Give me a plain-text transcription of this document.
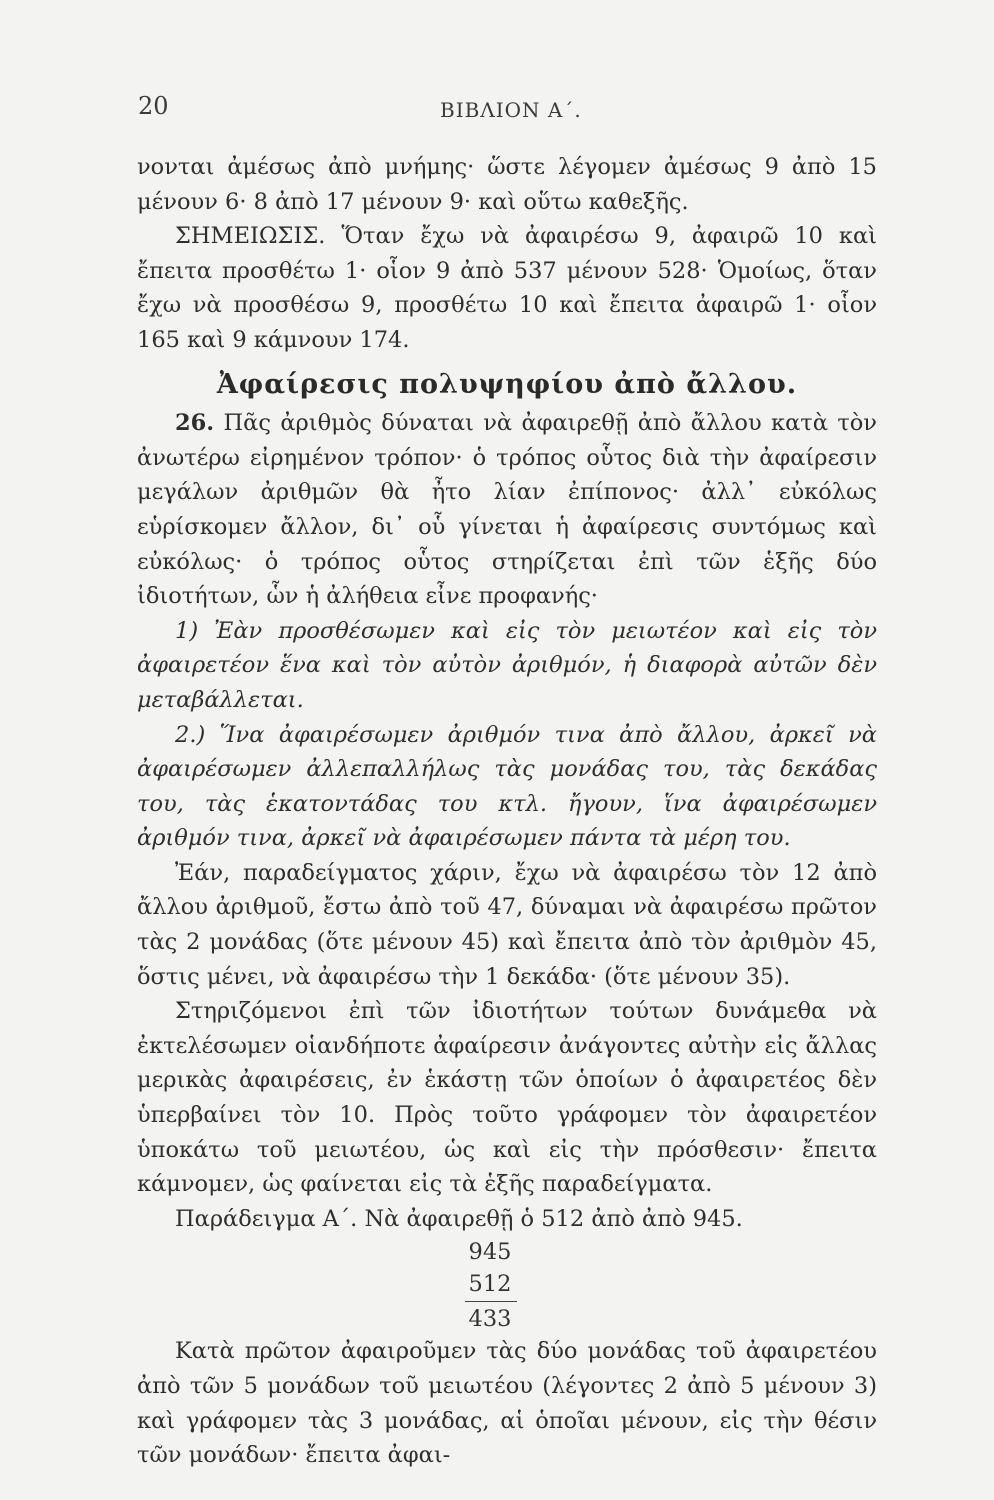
20	ΒΙΒΛΙΟΝ Α΄.

νονται ἀμέσως ἀπὸ μνήμης· ὥστε λέγομεν ἀμέσως 9 ἀπὸ 15 μένουν 6· 8 ἀπὸ 17 μένουν 9· καὶ οὕτω καθεξῆς.

ΣΗΜΕΙΩΣΙΣ. Ὅταν ἔχω νὰ ἀφαιρέσω 9, ἀφαιρῶ 10 καὶ ἔπειτα προσθέτω 1· οἷον 9 ἀπὸ 537 μένουν 528· Ὁμοίως, ὅταν ἔχω νὰ προσθέσω 9, προσθέτω 10 καὶ ἔπειτα ἀφαιρῶ 1· οἷον 165 καὶ 9 κάμνουν 174.

Ἀφαίρεσις πολυψηφίου ἀπὸ ἄλλου.

26. Πᾶς ἀριθμὸς δύναται νὰ ἀφαιρεθῇ ἀπὸ ἄλλου κατὰ τὸν ἀνωτέρω εἰρημένον τρόπον· ὁ τρόπος οὗτος διὰ τὴν ἀφαίρεσιν μεγάλων ἀριθμῶν θὰ ἦτο λίαν ἐπίπονος· ἀλλ᾽ εὐκόλως εὑρίσκομεν ἄλλον, δι᾽ οὗ γίνεται ἡ ἀφαίρεσις συντόμως καὶ εὐκόλως· ὁ τρόπος οὗτος στηρίζεται ἐπὶ τῶν ἑξῆς δύο ἰδιοτήτων, ὧν ἡ ἀλήθεια εἶνε προφανής·

1) Ἐὰν προσθέσωμεν καὶ εἰς τὸν μειωτέον καὶ εἰς τὸν ἀφαιρετέον ἕνα καὶ τὸν αὐτὸν ἀριθμόν, ἡ διαφορὰ αὐτῶν δὲν μεταβάλλεται.

2.) Ἵνα ἀφαιρέσωμεν ἀριθμόν τινα ἀπὸ ἄλλου, ἀρκεῖ νὰ ἀφαιρέσωμεν ἀλλεπαλλήλως τὰς μονάδας του, τὰς δεκάδας του, τὰς ἑκατοντάδας του κτλ. ἤγουν, ἵνα ἀφαιρέσωμεν ἀριθμόν τινα, ἀρκεῖ νὰ ἀφαιρέσωμεν πάντα τὰ μέρη του.

Ἐάν, παραδείγματος χάριν, ἔχω νὰ ἀφαιρέσω τὸν 12 ἀπὸ ἄλλου ἀριθμοῦ, ἔστω ἀπὸ τοῦ 47, δύναμαι νὰ ἀφαιρέσω πρῶτον τὰς 2 μονάδας (ὅτε μένουν 45) καὶ ἔπειτα ἀπὸ τὸν ἀριθμὸν 45, ὅστις μένει, νὰ ἀφαιρέσω τὴν 1 δεκάδα· (ὅτε μένουν 35).

Στηριζόμενοι ἐπὶ τῶν ἰδιοτήτων τούτων δυνάμεθα νὰ ἐκτελέσωμεν οἱανδήποτε ἀφαίρεσιν ἀνάγοντες αὐτὴν εἰς ἄλλας μερικὰς ἀφαιρέσεις, ἐν ἑκάστῃ τῶν ὁποίων ὁ ἀφαιρετέος δὲν ὑπερβαίνει τὸν 10. Πρὸς τοῦτο γράφομεν τὸν ἀφαιρετέον ὑποκάτω τοῦ μειωτέου, ὡς καὶ εἰς τὴν πρόσθεσιν· ἔπειτα κάμνομεν, ὡς φαίνεται εἰς τὰ ἑξῆς παραδείγματα.

Παράδειγμα Α΄. Νὰ ἀφαιρεθῇ ὁ 512 ἀπὸ ἀπὸ 945.

945
512
433

Κατὰ πρῶτον ἀφαιροῦμεν τὰς δύο μονάδας τοῦ ἀφαιρετέου ἀπὸ τῶν 5 μονάδων τοῦ μειωτέου (λέγοντες 2 ἀπὸ 5 μένουν 3) καὶ γράφομεν τὰς 3 μονάδας, αἱ ὁποῖαι μένουν, εἰς τὴν θέσιν τῶν μονάδων· ἔπειτα ἀφαι-
